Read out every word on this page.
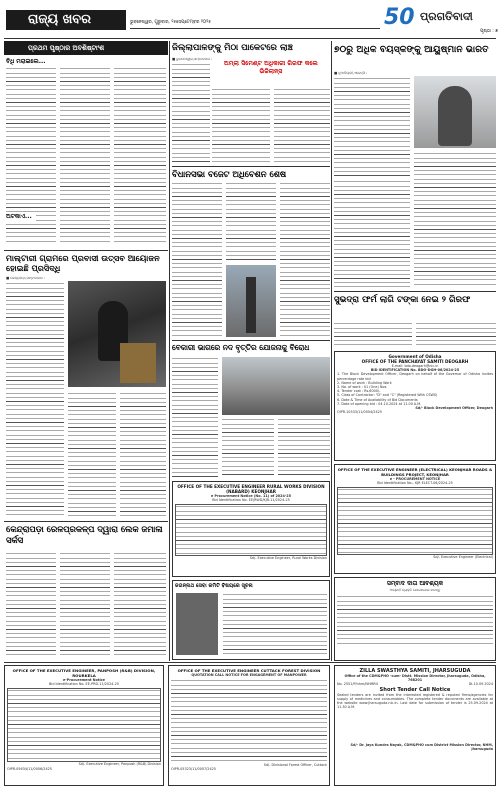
ରାଜ୍ୟ ଖବର	ଭୁବନେଶ୍ୱର, ଗୁରୁବାର, ୨୫ସେପ୍ଟେମ୍ବର ୨୦୨୫	50 ପ୍ରଗତିବାଦୀ
ପୃଷ୍ଠା : ୭
ପ୍ରଥମ ପୃଷ୍ଠାର ଅବଶିଷ୍ଟାଂଶ
ବିଧି ମରାଇଲେ...
ଅଟକାଏ...
ମାଲ୍ଟାରୀ ଗ୍ରାମରେ ପ୍ରବାସୀ ଉତ୍ସବ ଆୟୋଜନ ହୋଇଛି ପ୍ରସିଦ୍ଧି
■ କେନ୍ଦ୍ରାପଡ଼ା,ସମ୍ବାଦଦାତା :
କେନ୍ଦ୍ରାପଡ଼ା ରେଳପ୍ରକଳ୍ପ ଦ୍ୱାରା ଲେକ ଜମାଳା ସର୍କସ
ଜିଲ୍ଲାପାଳଙ୍କୁ ମିଠା ପାକେଟରେ ଲାଞ୍ଚ
■ ଭୁବନେଶ୍ୱର,ସମ୍ବାଦଦାତା :
ଅମ୍ଲା ସିମେଣ୍ଟ ଅଧିକାରୀ ଗିରଫ କଲେ ଭିଜିଲାନ୍ସ
ବିଧାନସଭା ବଜେଟ ଅଧିବେଶନ ଶେଷ
ବେକାରୀ ଭାଗରେ ନଦ ବୃତ୍ତିର ଯୋଜନାକୁ ବିରୋଧ
OFFICE OF THE EXECUTIVE ENGINEER RURAL WORKS DIVISION (NABARD) KEONJHAR
e Procurement Notice (No. 11) of 2024-25
Bid Identification No. EE/RWD/KJR-11/2024-25
Sd/- Executive Engineer, Rural Works Division
ଜଗନ୍ନାଥ ସେବା କମିଟି ବିଷୟରେ ସୂଚନା
୭୦ରୁ ଅଧିକ ବୟସ୍କଙ୍କୁ ଆୟୁଷ୍ମାନ ଭାରତ
■ ନୂଆଦିଲ୍ଲୀ,ଏଜେନ୍ସି :
ସୁଭଦ୍ରା ଫର୍ମ ଲାଗି ଟଙ୍କା ନେଇ ୨ ଗିରଫ
Government of Odisha
OFFICE OF THE PANCHAYAT SAMITI DEOGARH
E-mail: bdo.deogarh@nic.in
BID IDENTIFICATION No. BDO-DGH-06/2024-25
1. The Block Development Officer, Deogarh on behalf of the Governor of Odisha invites percentage rate bid
2. Name of work : Building Work
3. No. of work : 01 (One) Nos.
4. Tender cost : Rs.6000/-
5. Class of Contractor: "D" and "C" (Registered With CSWS)
6. Date & Time of Availability of Bid Documents
7. Date of opening bid : 04.10.2024 at 11.00 A.M.
Sd/- Block Development Officer, Deogarh
OIPR-10533/11/0004/2425
OFFICE OF THE EXECUTIVE ENGINEER (ELECTRICAL) KEONJHAR ROADS & BUILDINGS PROJECT, KEONJHAR
e - PROCUREMENT NOTICE
Bid Identification No.- KJR ELECT-06/2024-25
Sd/- Executive Engineer (Electrical)
ସମ୍ବାଦ ଦାତା ଆବଶ୍ୟକ
ଆଗ୍ରହୀ ବ୍ୟକ୍ତି ଯୋଗାଯୋଗ କରନ୍ତୁ
OFFICE OF THE EXECUTIVE ENGINEER, PANPOSH (R&B) DIVISION, ROURKELA
e-Procurement Notice
Bid Identification No. EE-PRD-11/2024-25
Sd/- Executive Engineer, Panposh (R&B) Division
OIPR-05634/11/0006/2425
OFFICE OF THE EXECUTIVE ENGINEER CUTTACK FOREST DIVISION
QUOTATION CALL NOTICE FOR ENGAGEMENT OF MANPOWER
Sd/- Divisional Forest Officer, Cuttack
OIPR-05323/11/0007/2425
ZILLA SWASTHYA SAMITI, JHARSUGUDA
Office of the CDM&PHO -cum- Distt. Mission Director, Jharsuguda, Odisha, 768201
No. 2551/P/nhm/NHMR4	Dt.10.09.2024
Short Tender Call Notice
Sealed tenders are invited from the interested registered & reputed firms/agencies for supply of medicines and consumables. The complete tender documents are available at the website www.jharsuguda.nic.in. Last date for submission of tender is 25.09.2024 at 11.30 A.M.
Sd/- Dr. Jaya Kundra Nayak, CDM&PHO cum District Mission Director, NHM, Jharsuguda
